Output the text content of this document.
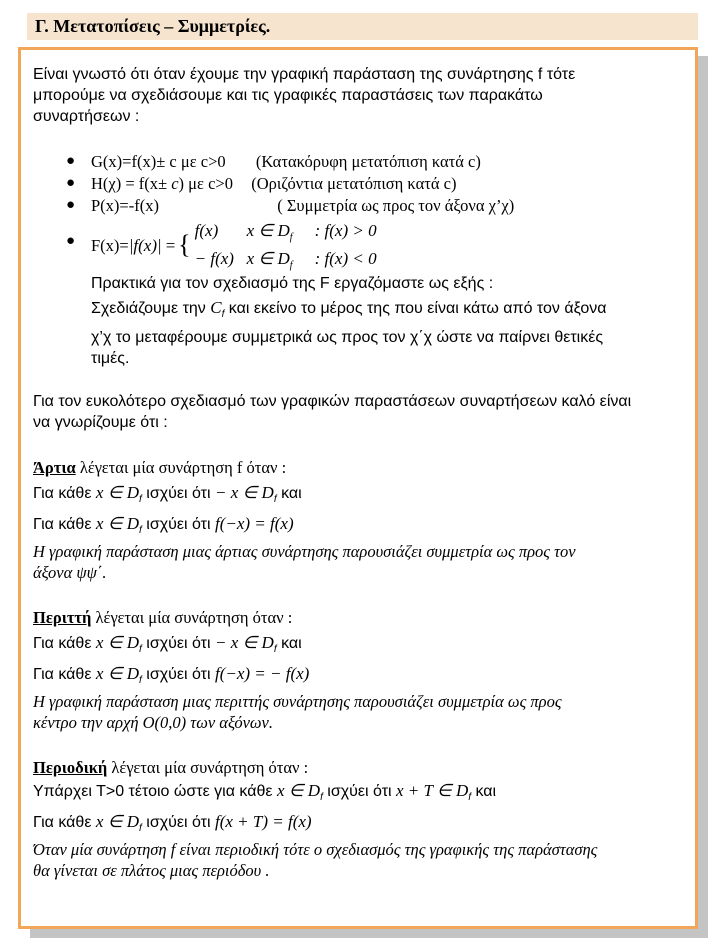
Γ. Μετατοπίσεις – Συμμετρίες.
Είναι γνωστό ότι όταν έχουμε την γραφική παράσταση της συνάρτησης f τότε
μπορούμε να σχεδιάσουμε και τις γραφικές παραστάσεις των παρακάτω
συναρτήσεων :
● G(x)=f(x)± c με c>0 (Κατακόρυφη μετατόπιση κατά c)
● H(χ) = f(x± c) με c>0 (Οριζόντια μετατόπιση κατά c)
● P(x)=-f(x)	( Συμμετρία ως προς τον άξονα χ’χ)
● F(x)= |f(x)| = { f(x) x ∈ $D_f$ : f(x) > 0
− f(x) x ∈ $D_f$ : f(x) < 0
Πρακτικά για τον σχεδιασμό της F εργαζόμαστε ως εξής :
Σχεδιάζουμε την $C_f$ και εκείνο το μέρος της που είναι κάτω από τον άξονα
χ’χ το μεταφέρουμε συμμετρικά ως προς τον χ΄χ ώστε να παίρνει θετικές
τιμές.
Για τον ευκολότερο σχεδιασμό των γραφικών παραστάσεων συναρτήσεων καλό είναι
να γνωρίζουμε ότι :
Άρτια λέγεται μία συνάρτηση f όταν :
Για κάθε x ∈ $D_f$ ισχύει ότι − x ∈ $D_f$ και
Για κάθε x ∈ $D_f$ ισχύει ότι f(−x) = f(x)
Η γραφική παράσταση μιας άρτιας συνάρτησης παρουσιάζει συμμετρία ως προς τον
άξονα ψψ΄.
Περιττή λέγεται μία συνάρτηση όταν :
Για κάθε x ∈ $D_f$ ισχύει ότι − x ∈ $D_f$ και
Για κάθε x ∈ $D_f$ ισχύει ότι f(−x) = − f(x)
Η γραφική παράσταση μιας περιττής συνάρτησης παρουσιάζει συμμετρία ως προς
κέντρο την αρχή Ο(0,0) των αξόνων.
Περιοδική λέγεται μία συνάρτηση όταν :
Υπάρχει Τ>0 τέτοιο ώστε για κάθε x ∈ $D_f$ ισχύει ότι x + T ∈ $D_f$ και
Για κάθε x ∈ $D_f$ ισχύει ότι f(x + T) = f(x)
Όταν μία συνάρτηση f είναι περιοδική τότε ο σχεδιασμός της γραφικής της παράστασης
θα γίνεται σε πλάτος μιας περιόδου .
